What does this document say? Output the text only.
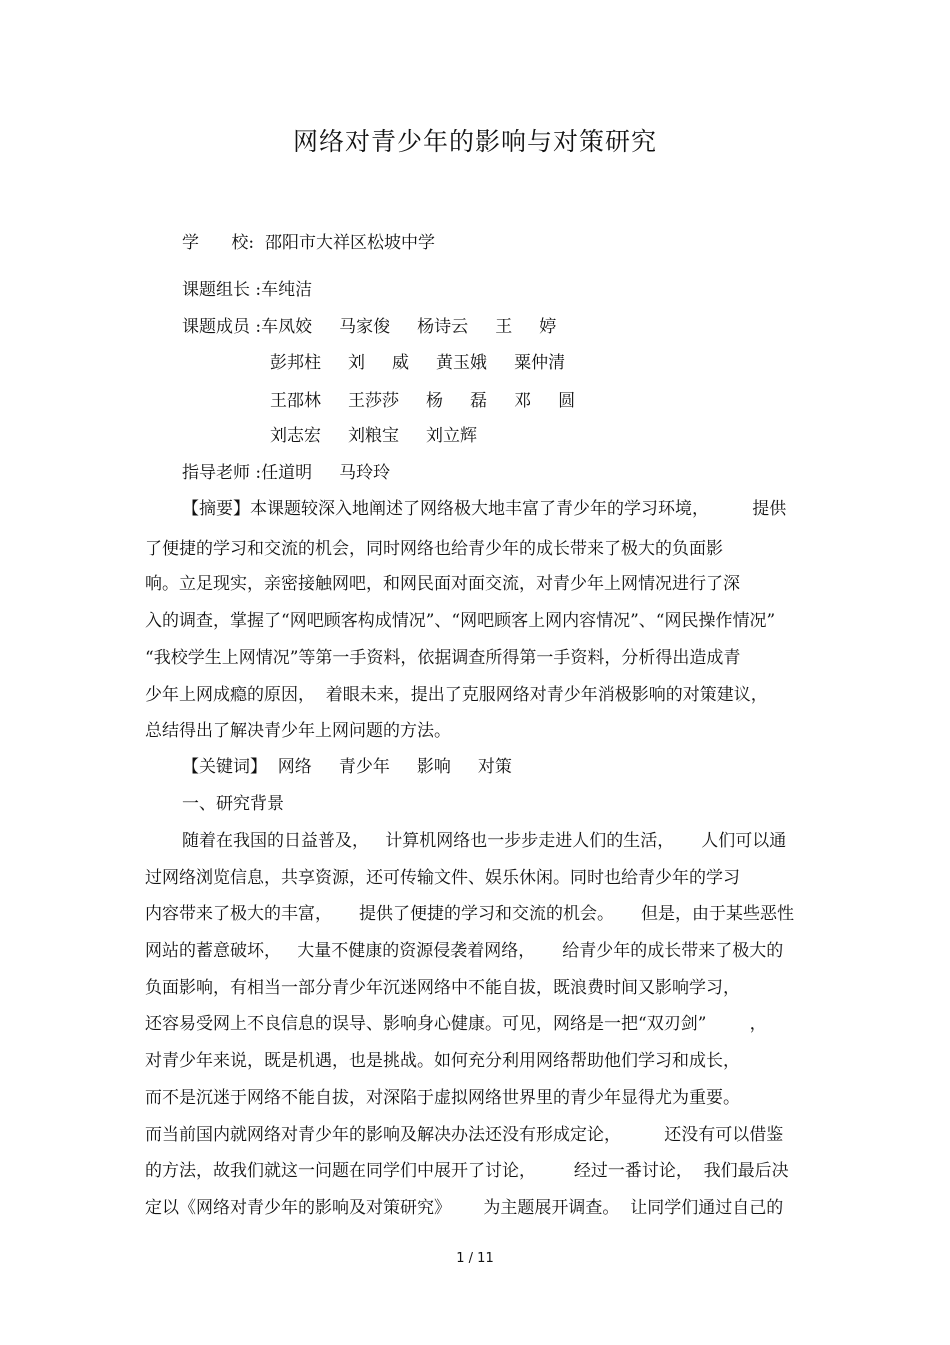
网络对青少年的影响与对策研究
学      校:  邵阳市大祥区松坡中学
课题组长 :车纯洁
课题成员 :车凤姣     马家俊     杨诗云     王     婷
彭邦柱     刘     威     黄玉娥     粟仲清
王邵林     王莎莎     杨     磊     邓     圆
刘志宏     刘粮宝     刘立辉
指导老师 :任道明     马玲玲
【摘要】本课题较深入地阐述了网络极大地丰富了青少年的学习环境，        提供
了便捷的学习和交流的机会，同时网络也给青少年的成长带来了极大的负面影
响。立足现实，亲密接触网吧，和网民面对面交流，对青少年上网情况进行了深
入的调查，掌握了“网吧顾客构成情况”、“网吧顾客上网内容情况”、“网民操作情况”
“我校学生上网情况”等第一手资料，依据调查所得第一手资料，分析得出造成青
少年上网成瘾的原因，  着眼未来，提出了克服网络对青少年消极影响的对策建议，
总结得出了解决青少年上网问题的方法。
【关键词】  网络     青少年     影响     对策
一、研究背景
随着在我国的日益普及，   计算机网络也一步步走进人们的生活，     人们可以通
过网络浏览信息，共享资源，还可传输文件、娱乐休闲。同时也给青少年的学习
内容带来了极大的丰富，     提供了便捷的学习和交流的机会。     但是，由于某些恶性
网站的蓄意破坏，   大量不健康的资源侵袭着网络，     给青少年的成长带来了极大的
负面影响，有相当一部分青少年沉迷网络中不能自拔，既浪费时间又影响学习，
还容易受网上不良信息的误导、影响身心健康。可见，网络是一把“双刃剑”        ，
对青少年来说，既是机遇，也是挑战。如何充分利用网络帮助他们学习和成长，
而不是沉迷于网络不能自拔，对深陷于虚拟网络世界里的青少年显得尤为重要。
而当前国内就网络对青少年的影响及解决办法还没有形成定论，        还没有可以借鉴
的方法，故我们就这一问题在同学们中展开了讨论，       经过一番讨论，  我们最后决
定以《网络对青少年的影响及对策研究》      为主题展开调查。  让同学们通过自己的
1 / 11
